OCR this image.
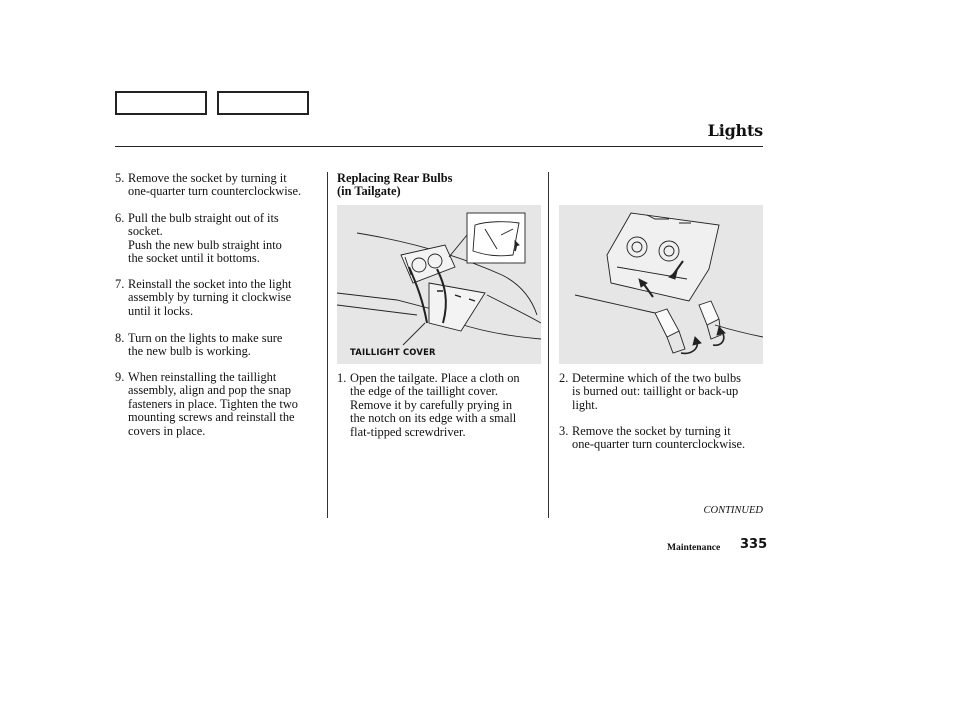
Lights
5. Remove the socket by turning it
one-quarter turn counterclockwise.
6. Pull the bulb straight out of its
socket.
Push the new bulb straight into
the socket until it bottoms.
7. Reinstall the socket into the light
assembly by turning it clockwise
until it locks.
8. Turn on the lights to make sure
the new bulb is working.
9. When reinstalling the taillight
assembly, align and pop the snap
fasteners in place. Tighten the two
mounting screws and reinstall the
covers in place.
Replacing Rear Bulbs
(in Tailgate)
TAILLIGHT COVER
1. Open the tailgate. Place a cloth on
the edge of the taillight cover.
Remove it by carefully prying in
the notch on its edge with a small
flat-tipped screwdriver.
2. Determine which of the two bulbs
is burned out: taillight or back-up
light.
3. Remove the socket by turning it
one-quarter turn counterclockwise.
CONTINUED
Maintenance 335
